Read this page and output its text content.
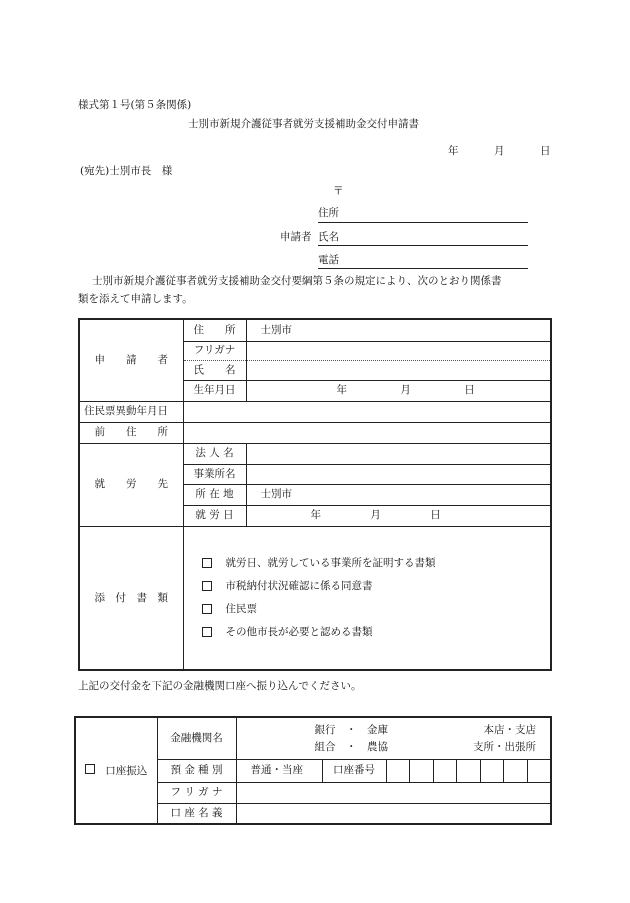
様式第１号(第５条関係)
士別市新規介護従事者就労支援補助金交付申請書
年	月	日
(宛先)士別市長　様
〒
住所
申請者 氏名
電話
士別市新規介護従事者就労支援補助金交付要綱第５条の規定により、次のとおり関係書
類を添えて申請します。
申　　請　　者	住　　所	士別市
	フリガナ	
	氏　　名	
	生年月日	年 月 日
住民票異動年月日		
前　　住　　所		
就　　労　　先	法 人 名	
	事業所名	
	所 在 地	士別市
	就 労 日	年 月 日
添　付　書　類	就労日、就労している事業所を証明する書類
市税納付状況確認に係る同意書
住民票
その他市長が必要と認める書類	
上記の交付金を下記の金融機関口座へ振り込んでください。
口座振込	金融機関名	銀行　・　金庫 本店・支店
組合　・　農協 支所・出張所		

	預 金 種 別	普通・当座	口座番号	

	フ リ ガ ナ			
	口 座 名 義			
